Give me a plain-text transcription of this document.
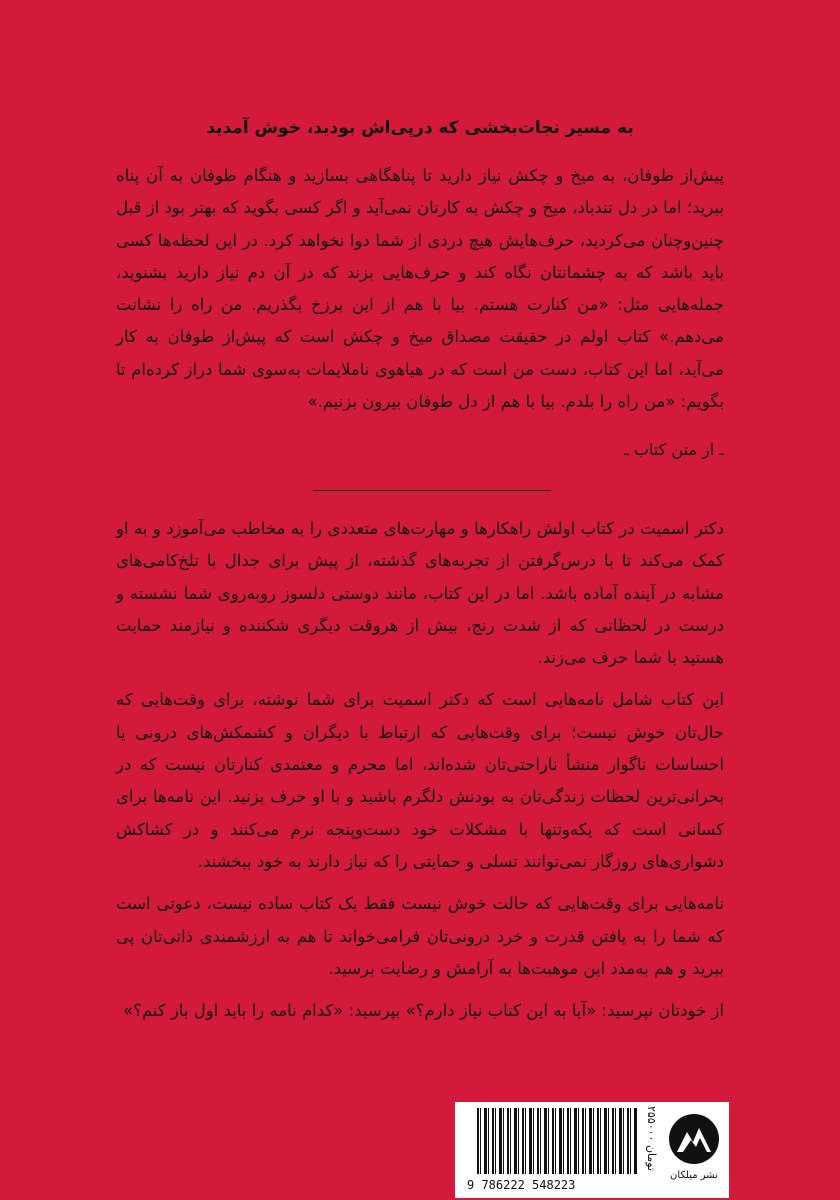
به مسیر نجات‌بخشی که درپی‌اش بودید، خوش آمدید

پیش‌از طوفان، به میخ و چکش نیاز دارید تا پناهگاهی بسازید و هنگام طوفان به آن پناه ببرید؛ اما در دل تندباد، میخ و چکش به کارتان نمی‌آید و اگر کسی بگوید که بهتر بود از قبل چنین‌وچنان می‌کردید، حرف‌هایش هیچ دردی از شما دوا نخواهد کرد. در این لحظه‌ها کسی باید باشد که به چشمانتان نگاه کند و حرف‌هایی بزند که در آن دم نیاز دارید بشنوید، جمله‌هایی مثل: «من کنارت هستم. بیا با هم از این برزخ بگذریم. من راه را نشانت می‌دهم.» کتاب اولم در حقیقت مصداق میخ و چکش است که پیش‌از طوفان به کار می‌آید، اما این کتاب، دست من است که در هیاهوی ناملایمات به‌سوی شما دراز کرده‌ام تا بگویم: «من راه را بلدم. بیا با هم از دل طوفان بیرون بزنیم.»

ـ از متن کتاب ـ

دکتر اسمیت در کتاب اولش راهکارها و مهارت‌های متعددی را به مخاطب می‌آموزد و به او کمک می‌کند تا با درس‌گرفتن از تجربه‌های گذشته، از پیش برای جدال با تلخ‌کامی‌های مشابه در آینده آماده باشد. اما در این کتاب، مانند دوستی دلسوز روبه‌روی شما نشسته و درست در لحظاتی که از شدت رنج، بیش از هروقت دیگری شکننده و نیازمند حمایت هستید با شما حرف می‌زند.

این کتاب شامل نامه‌هایی است که دکتر اسمیت برای شما نوشته، برای وقت‌هایی که حال‌تان خوش نیست؛ برای وقت‌هایی که ارتباط با دیگران و کشمکش‌های درونی یا احساسات ناگوار منشأ ناراحتی‌تان شده‌اند، اما محرم و معتمدی کنارتان نیست که در بحرانی‌ترین لحظات زندگی‌تان به بودنش دلگرم باشید و با او حرف بزنید. این نامه‌ها برای کسانی است که یکه‌وتنها با مشکلات خود دست‌وپنجه نرم می‌کنند و در کشاکش دشواری‌های روزگار نمی‌توانند تسلی و حمایتی را که نیاز دارند به خود ببخشند.

نامه‌هایی برای وقت‌هایی که حالت خوش نیست فقط یک کتاب ساده نیست، دعوتی است که شما را به یافتن قدرت و خرد درونی‌تان فرامی‌خواند تا هم به ارزشمندی ذاتی‌تان پی ببرید و هم به‌مدد این موهبت‌ها به آرامش و رضایت برسید.

از خودتان نپرسید: «آیا به این کتاب نیاز دارم؟» بپرسید: «کدام نامه را باید اول باز کنم؟»

9 786222 548223
۲۵۵۰۰۰ تومان
نشر میلکان
